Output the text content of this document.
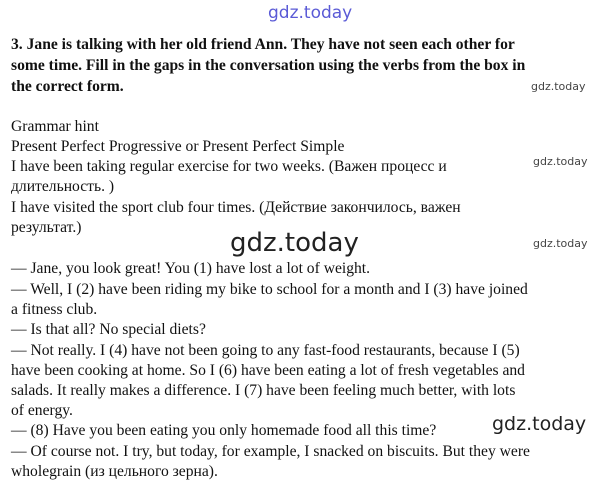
gdz.today
3. Jane is talking with her old friend Ann. They have not seen each other for
some time. Fill in the gaps in the conversation using the verbs from the box in
the correct form.	gdz.today
Grammar hint
Present Perfect Progressive or Present Perfect Simple
I have been taking regular exercise for two weeks. (Важен процесс и	gdz.today
длительность. )
I have visited the sport club four times. (Действие закончилось, важен
результат.)
gdz.today	gdz.today
— Jane, you look great! You (1) have lost a lot of weight.
— Well, I (2) have been riding my bike to school for a month and I (3) have joined
a fitness club.
— Is that all? No special diets?
— Not really. I (4) have not been going to any fast-food restaurants, because I (5)
have been cooking at home. So I (6) have been eating a lot of fresh vegetables and
salads. It really makes a difference. I (7) have been feeling much better, with lots
of energy.
— (8) Have you been eating you only homemade food all this time?	gdz.today
— Of course not. I try, but today, for example, I snacked on biscuits. But they were
wholegrain (из цельного зерна).
